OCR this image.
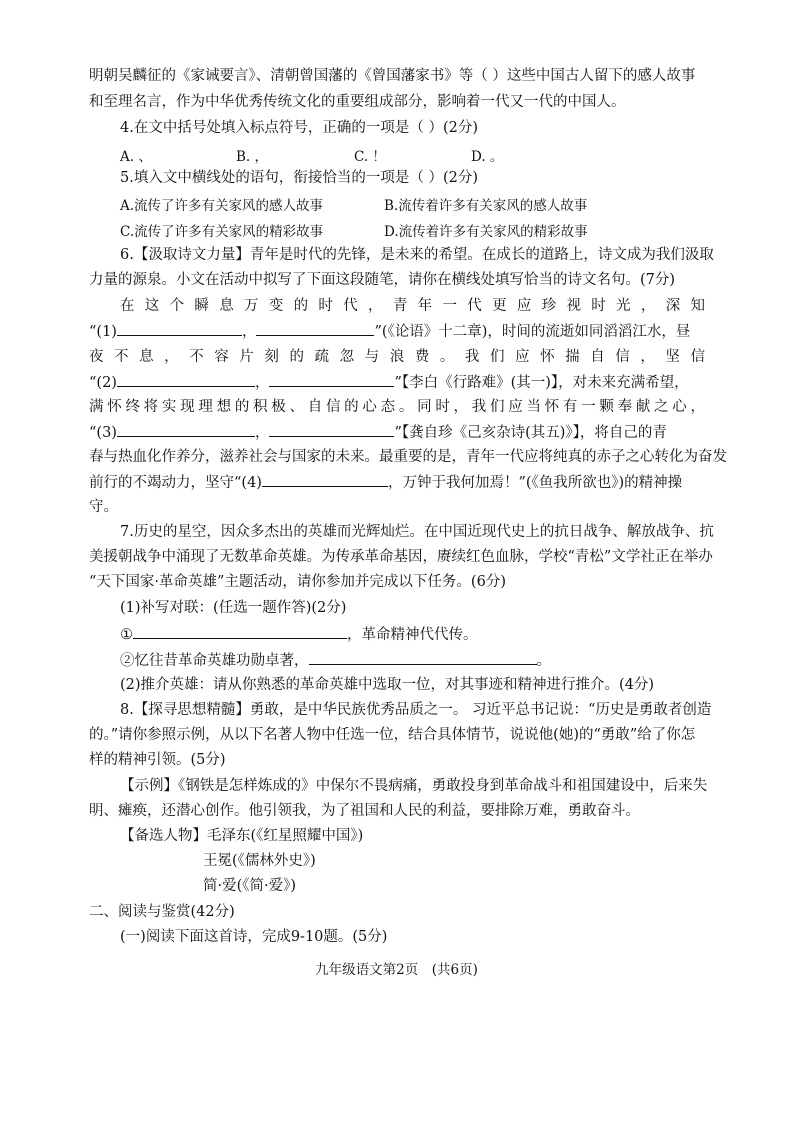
明朝吴麟征的《家诫要言》、清朝曾国藩的《曾国藩家书》等（ ）这些中国古人留下的感人故事
和至理名言，作为中华优秀传统文化的重要组成部分，影响着一代又一代的中国人。
4.在文中括号处填入标点符号，正确的一项是（ ）(2分)
A. 、	B. ，	C. ！	D. 。
5.填入文中横线处的语句，衔接恰当的一项是（ ）(2分)
A.流传了许多有关家风的感人故事	B.流传着许多有关家风的感人故事
C.流传了许多有关家风的精彩故事	D.流传着许多有关家风的精彩故事
6.【汲取诗文力量】青年是时代的先锋，是未来的希望。在成长的道路上，诗文成为我们汲取
力量的源泉。小文在活动中拟写了下面这段随笔，请你在横线处填写恰当的诗文名句。(7分)
在这个瞬息万变的时代，青年一代更应珍视时光，深知
“(1)	，	”(《论语》十二章)，时间的流逝如同滔滔江水，昼
夜不息，不容片刻的疏忽与浪费。我们应怀揣自信，坚信
“(2)	，	”【李白《行路难》(其一)】，对未来充满希望，
满怀终将实现理想的积极、自信的心态。同时，我们应当怀有一颗奉献之心，
“(3)	，	”【龚自珍《己亥杂诗(其五)》】，将自己的青
春与热血化作养分，滋养社会与国家的未来。最重要的是，青年一代应将纯真的赤子之心转化为奋发
前行的不竭动力，坚守“(4)	，万钟于我何加焉！”(《鱼我所欲也》)的精神操
守。
7.历史的星空，因众多杰出的英雄而光辉灿烂。在中国近现代史上的抗日战争、解放战争、抗
美援朝战争中涌现了无数革命英雄。为传承革命基因，赓续红色血脉，学校“青松”文学社正在举办
“天下国家·革命英雄”主题活动，请你参加并完成以下任务。(6分)
(1)补写对联：(任选一题作答)(2分)
①	，革命精神代代传。
②忆往昔革命英雄功勋卓著，	。
(2)推介英雄：请从你熟悉的革命英雄中选取一位，对其事迹和精神进行推介。(4分)
8.【探寻思想精髓】勇敢，是中华民族优秀品质之一。 习近平总书记说：“历史是勇敢者创造
的。”请你参照示例，从以下名著人物中任选一位，结合具体情节，说说他(她)的“勇敢”给了你怎
样的精神引领。(5分)
【示例】《钢铁是怎样炼成的》中保尔不畏病痛，勇敢投身到革命战斗和祖国建设中，后来失
明、瘫痪，还潜心创作。他引领我，为了祖国和人民的利益，要排除万难，勇敢奋斗。
【备选人物】毛泽东(《红星照耀中国》)
王冕(《儒林外史》)
简·爱(《简·爱》)
二、阅读与鉴赏(42分)
(一)阅读下面这首诗，完成9-10题。(5分)
九年级语文第2页　(共6页)
